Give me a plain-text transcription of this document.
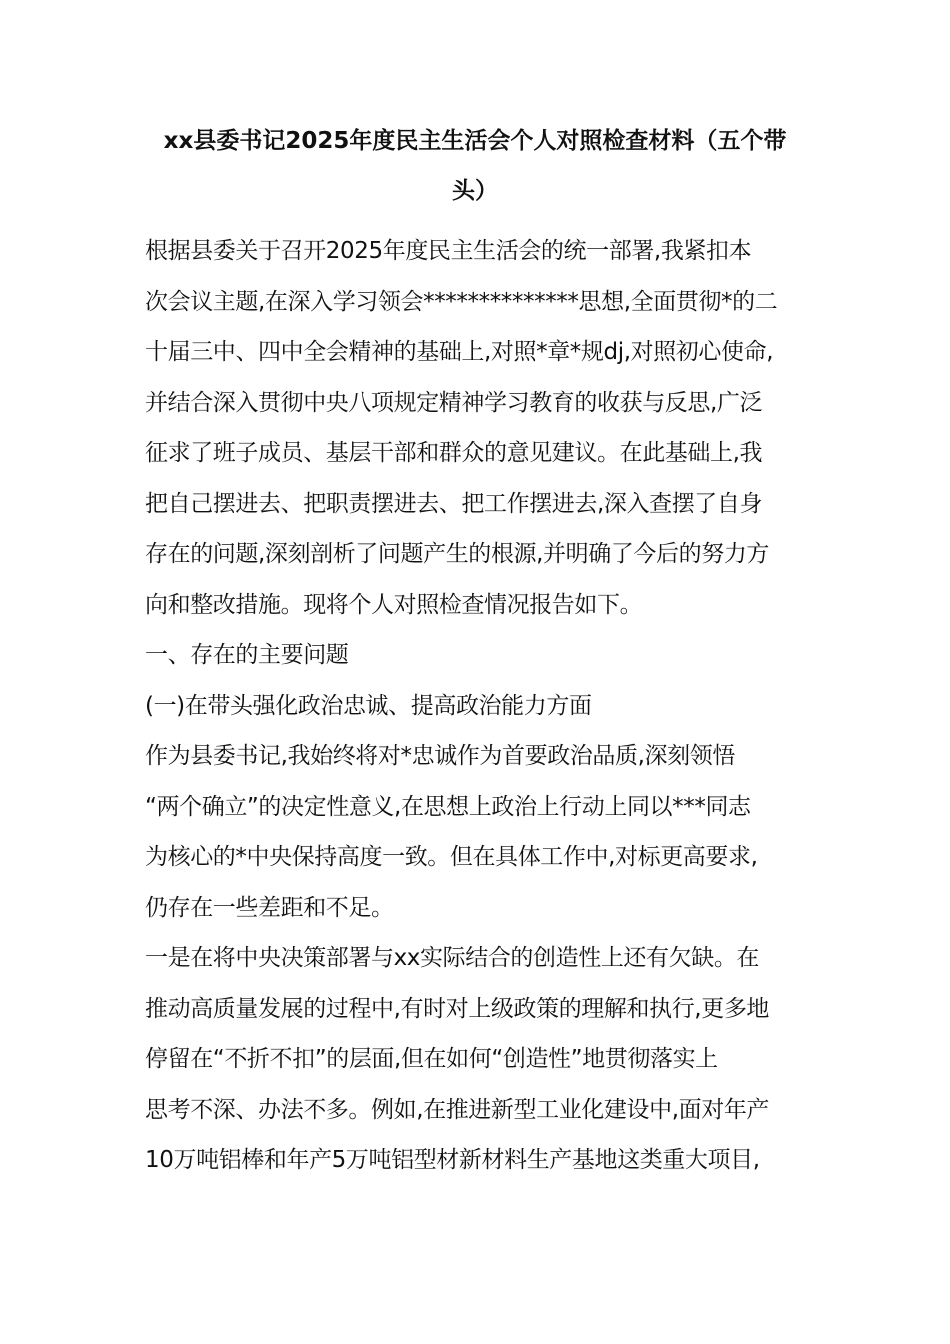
xx县委书记2025年度民主生活会个人对照检查材料（五个带
头）
根据县委关于召开2025年度民主生活会的统一部署,我紧扣本
次会议主题,在深入学习领会**************思想,全面贯彻*的二
十届三中、四中全会精神的基础上,对照*章*规dj,对照初心使命,
并结合深入贯彻中央八项规定精神学习教育的收获与反思,广泛
征求了班子成员、基层干部和群众的意见建议。在此基础上,我
把自己摆进去、把职责摆进去、把工作摆进去,深入查摆了自身
存在的问题,深刻剖析了问题产生的根源,并明确了今后的努力方
向和整改措施。现将个人对照检查情况报告如下。
一、存在的主要问题
(一)在带头强化政治忠诚、提高政治能力方面
作为县委书记,我始终将对*忠诚作为首要政治品质,深刻领悟
“两个确立”的决定性意义,在思想上政治上行动上同以***同志
为核心的*中央保持高度一致。但在具体工作中,对标更高要求,
仍存在一些差距和不足。
一是在将中央决策部署与xx实际结合的创造性上还有欠缺。在
推动高质量发展的过程中,有时对上级政策的理解和执行,更多地
停留在“不折不扣”的层面,但在如何“创造性”地贯彻落实上
思考不深、办法不多。例如,在推进新型工业化建设中,面对年产
10万吨铝棒和年产5万吨铝型材新材料生产基地这类重大项目,
